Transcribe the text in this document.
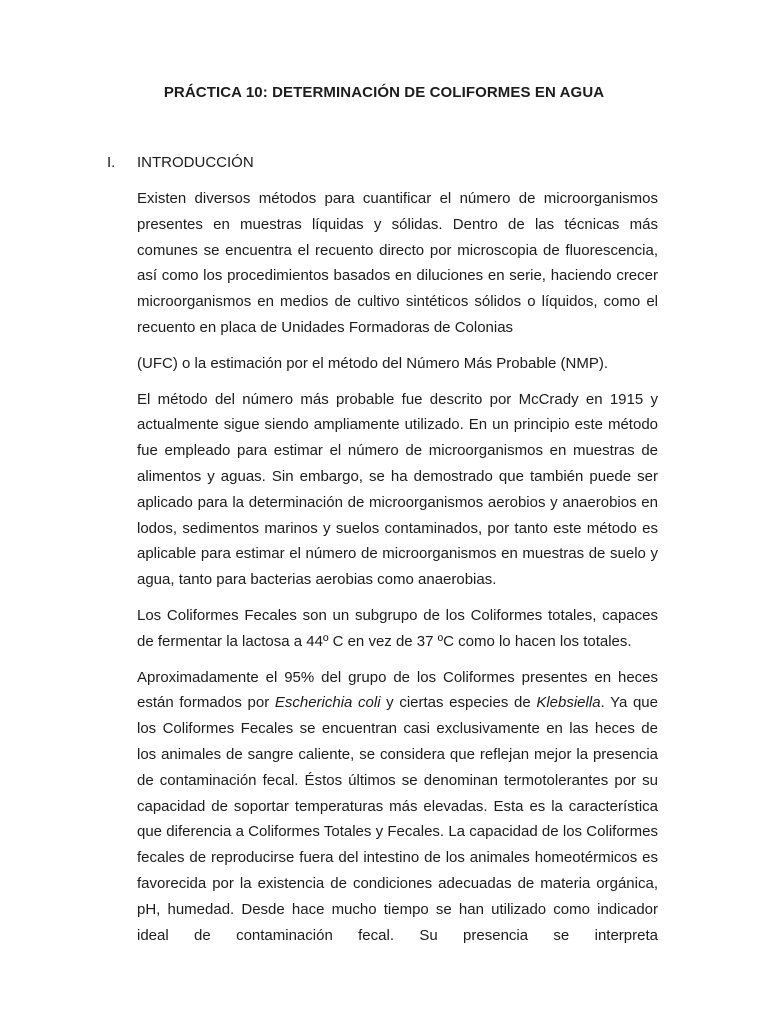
PRÁCTICA 10: DETERMINACIÓN DE COLIFORMES EN AGUA
I. INTRODUCCIÓN

Existen diversos métodos para cuantificar el número de microorganismos presentes en muestras líquidas y sólidas. Dentro de las técnicas más comunes se encuentra el recuento directo por microscopia de fluorescencia, así como los procedimientos basados en diluciones en serie, haciendo crecer microorganismos en medios de cultivo sintéticos sólidos o líquidos, como el recuento en placa de Unidades Formadoras de Colonias

(UFC) o la estimación por el método del Número Más Probable (NMP).

El método del número más probable fue descrito por McCrady en 1915 y actualmente sigue siendo ampliamente utilizado. En un principio este método fue empleado para estimar el número de microorganismos en muestras de alimentos y aguas. Sin embargo, se ha demostrado que también puede ser aplicado para la determinación de microorganismos aerobios y anaerobios en lodos, sedimentos marinos y suelos contaminados, por tanto este método es aplicable para estimar el número de microorganismos en muestras de suelo y agua, tanto para bacterias aerobias como anaerobias.

Los Coliformes Fecales son un subgrupo de los Coliformes totales, capaces de fermentar la lactosa a 44º C en vez de 37 ºC como lo hacen los totales.

Aproximadamente el 95% del grupo de los Coliformes presentes en heces están formados por Escherichia coli y ciertas especies de Klebsiella. Ya que los Coliformes Fecales se encuentran casi exclusivamente en las heces de los animales de sangre caliente, se considera que reflejan mejor la presencia de contaminación fecal. Éstos últimos se denominan termotolerantes por su capacidad de soportar temperaturas más elevadas. Esta es la característica que diferencia a Coliformes Totales y Fecales. La capacidad de los Coliformes fecales de reproducirse fuera del intestino de los animales homeotérmicos es favorecida por la existencia de condiciones adecuadas de materia orgánica, pH, humedad. Desde hace mucho tiempo se han utilizado como indicador ideal de contaminación fecal. Su presencia se interpreta
